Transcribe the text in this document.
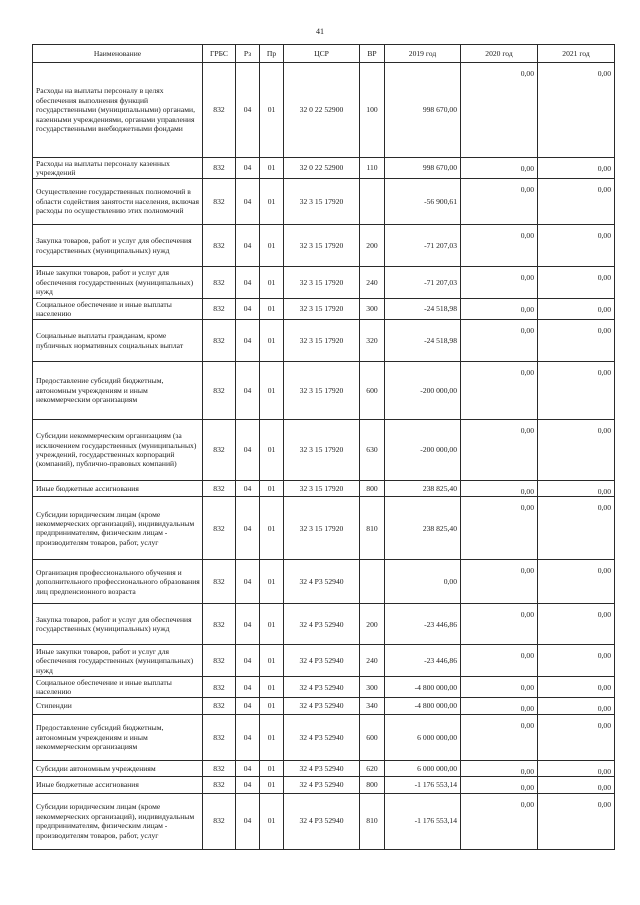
41
Наименование	ГРБС	Рз	Пр	ЦСР	ВР	2019 год	2020 год	2021 год
Расходы на выплаты персоналу в целях обеспечения выполнения функций государственными (муниципальными) органами, казенными учреждениями, органами управления государственными внебюджетными фондами	832	04	01	32 0 22 52900	100	998 670,00	0,00	0,00
Расходы на выплаты персоналу казенных учреждений	832	04	01	32 0 22 52900	110	998 670,00	0,00	0,00
Осуществление государственных полномочий в области содействия занятости населения, включая расходы по осуществлению этих полномочий	832	04	01	32 3 15 17920		-56 900,61	0,00	0,00
Закупка товаров, работ и услуг для обеспечения государственных (муниципальных) нужд	832	04	01	32 3 15 17920	200	-71 207,03	0,00	0,00
Иные закупки товаров, работ и услуг для обеспечения государственных (муниципальных) нужд	832	04	01	32 3 15 17920	240	-71 207,03	0,00	0,00
Социальное обеспечение и иные выплаты населению	832	04	01	32 3 15 17920	300	-24 518,98	0,00	0,00
Социальные выплаты гражданам, кроме публичных нормативных социальных выплат	832	04	01	32 3 15 17920	320	-24 518,98	0,00	0,00
Предоставление субсидий бюджетным, автономным учреждениям и иным некоммерческим организациям	832	04	01	32 3 15 17920	600	-200 000,00	0,00	0,00
Субсидии некоммерческим организациям (за исключением государственных (муниципальных) учреждений, государственных корпораций (компаний), публично-правовых компаний)	832	04	01	32 3 15 17920	630	-200 000,00	0,00	0,00
Иные бюджетные ассигнования	832	04	01	32 3 15 17920	800	238 825,40	0,00	0,00
Субсидии юридическим лицам (кроме некоммерческих организаций), индивидуальным предпринимателям, физическим лицам - производителям товаров, работ, услуг	832	04	01	32 3 15 17920	810	238 825,40	0,00	0,00
Организация профессионального обучения и дополнительного профессионального образования лиц предпенсионного возраста	832	04	01	32 4 P3 52940		0,00	0,00	0,00
Закупка товаров, работ и услуг для обеспечения государственных (муниципальных) нужд	832	04	01	32 4 P3 52940	200	-23 446,86	0,00	0,00
Иные закупки товаров, работ и услуг для обеспечения государственных (муниципальных) нужд	832	04	01	32 4 P3 52940	240	-23 446,86	0,00	0,00
Социальное обеспечение и иные выплаты населению	832	04	01	32 4 P3 52940	300	-4 800 000,00	0,00	0,00
Стипендии	832	04	01	32 4 P3 52940	340	-4 800 000,00	0,00	0,00
Предоставление субсидий бюджетным, автономным учреждениям и иным некоммерческим организациям	832	04	01	32 4 P3 52940	600	6 000 000,00	0,00	0,00
Субсидии автономным учреждениям	832	04	01	32 4 P3 52940	620	6 000 000,00	0,00	0,00
Иные бюджетные ассигнования	832	04	01	32 4 P3 52940	800	-1 176 553,14	0,00	0,00
Субсидии юридическим лицам (кроме некоммерческих организаций), индивидуальным предпринимателям, физическим лицам - производителям товаров, работ, услуг	832	04	01	32 4 P3 52940	810	-1 176 553,14	0,00	0,00
